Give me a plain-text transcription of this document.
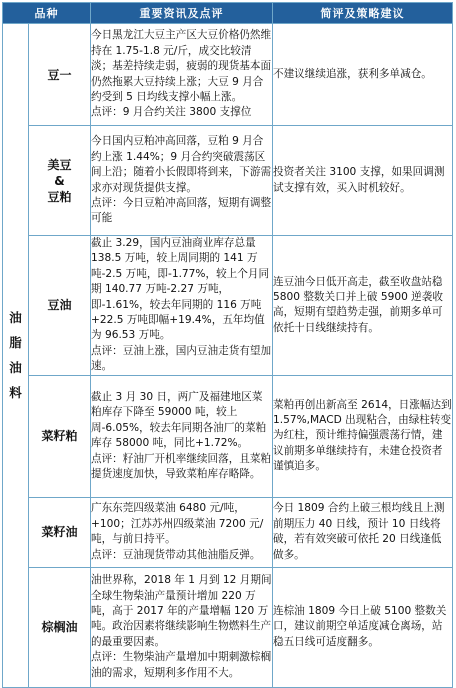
品种		重要资讯及点评	简评及策略建议
油脂油料	豆一	今日黑龙江大豆主产区大豆价格仍然维持在 1.75-1.8 元/斤，成交比较清淡；基差持续走弱，疲弱的现货基本面仍然拖累大豆持续上涨；大豆 9 月合约受到 5 日均线支撑小幅上涨。
点评：9 月合约关注 3800 支撑位	不建议继续追涨，获利多单减仓。

	美豆
&
豆粕	今日国内豆粕冲高回落，豆粕 9 月合约上涨 1.44%；9 月合约突破震荡区间上沿；随着小长假即将到来，下游需求亦对现货提供支撑。
点评：今日豆粕冲高回落，短期有调整可能	投资者关注 3100 支撑，如果回调测试支撑有效，买入时机较好。
	豆油	截止 3.29，国内豆油商业库存总量 138.5 万吨，较上周同期的 141 万吨-2.5 万吨，即-1.77%，较上个月同期 140.77 万吨-2.27 万吨，即-1.61%，较去年同期的 116 万吨+22.5 万吨即幅+19.4%，五年均值为 96.53 万吨。
点评：豆油上涨，国内豆油走货有望加速。	连豆油今日低开高走，截至收盘站稳 5800 整数关口并上破 5900 逆袭收高，短期有望趋势走强，前期多单可依托十日线继续持有。
	菜籽粕	截止 3 月 30 日，两广及福建地区菜粕库存下降至 59000 吨，较上周-6.05%，较去年同期各油厂的菜粕库存 58000 吨，同比+1.72%。
点评：籽油厂开机率继续回落，且菜粕提货速度加快，导致菜粕库存略降。	菜粕再创出新高至 2614，日涨幅达到 1.57%,MACD 出现粘合，由绿柱转变为红柱，预计维持偏强震荡行情，建议前期多单继续持有，未建仓投资者谨慎追多。
	菜籽油	广东东莞四级菜油 6480 元/吨，+100；江苏苏州四级菜油 7200 元/吨，与前日持平。
点评：豆油现货带动其他油脂反弹。	今日 1809 合约上破三根均线且上测前期压力 40 日线，预计 10 日线将破，若有效突破可依托 20 日线逢低做多。
	棕榈油	油世界称，2018 年 1 月到 12 月期间全球生物柴油产量预计增加 220 万吨，高于 2017 年的产量增幅 120 万吨。政治因素将继续影响生物燃料生产的最重要因素。
点评：生物柴油产量增加中期刺激棕榈油的需求，短期利多作用不大。	连棕油 1809 今日上破 5100 整数关口，建议前期空单适度减仓离场，站稳五日线可适度翻多。
